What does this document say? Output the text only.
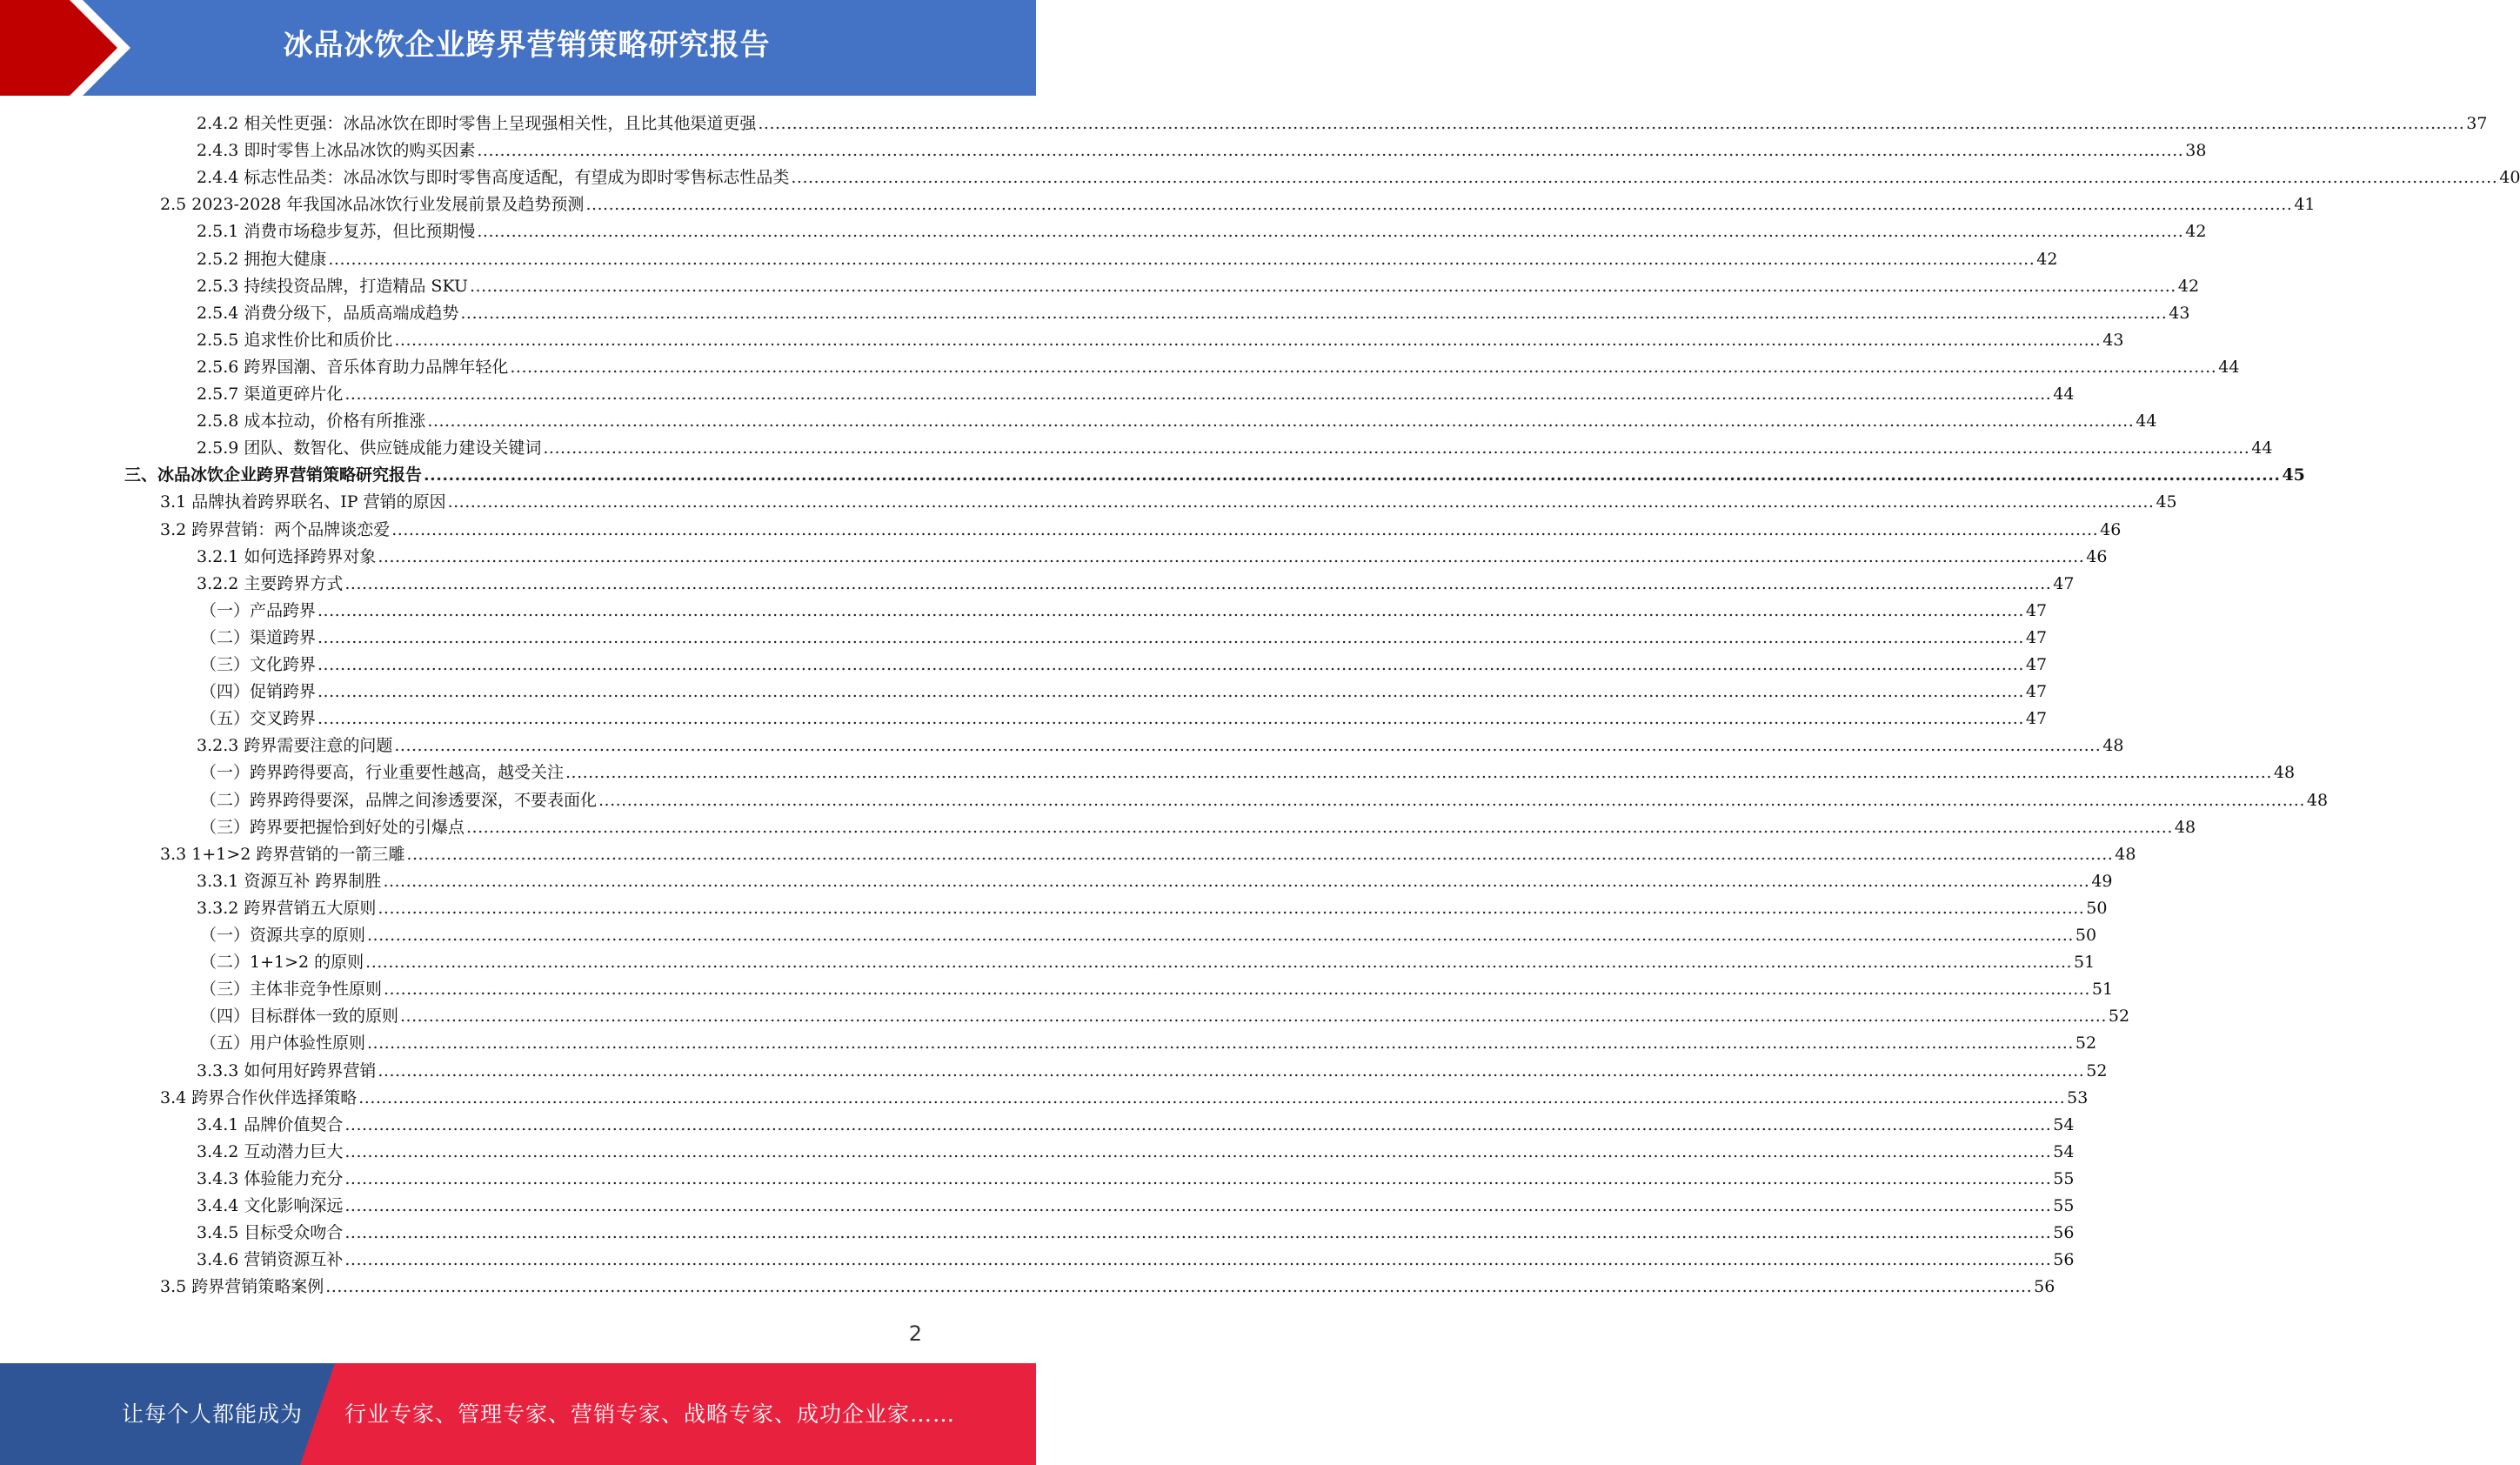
冰品冰饮企业跨界营销策略研究报告
2.4.2 相关性更强：冰品冰饮在即时零售上呈现强相关性，且比其他渠道更强 ............................................................................................................................................................................................................................................................................................................ 37
2.4.3 即时零售上冰品冰饮的购买因素 ............................................................................................................................................................................................................................................................................................................ 38
2.4.4 标志性品类：冰品冰饮与即时零售高度适配，有望成为即时零售标志性品类 ............................................................................................................................................................................................................................................................................................................ 40
2.5 2023-2028 年我国冰品冰饮行业发展前景及趋势预测 ............................................................................................................................................................................................................................................................................................................ 41
2.5.1 消费市场稳步复苏，但比预期慢 ............................................................................................................................................................................................................................................................................................................ 42
2.5.2 拥抱大健康 ............................................................................................................................................................................................................................................................................................................ 42
2.5.3 持续投资品牌，打造精品 SKU ............................................................................................................................................................................................................................................................................................................ 42
2.5.4 消费分级下，品质高端成趋势 ............................................................................................................................................................................................................................................................................................................ 43
2.5.5 追求性价比和质价比 ............................................................................................................................................................................................................................................................................................................ 43
2.5.6 跨界国潮、音乐体育助力品牌年轻化 ............................................................................................................................................................................................................................................................................................................ 44
2.5.7 渠道更碎片化 ............................................................................................................................................................................................................................................................................................................ 44
2.5.8 成本拉动，价格有所推涨 ............................................................................................................................................................................................................................................................................................................ 44
2.5.9 团队、数智化、供应链成能力建设关键词 ............................................................................................................................................................................................................................................................................................................ 44
三、冰品冰饮企业跨界营销策略研究报告 ............................................................................................................................................................................................................................................................................................................ 45
3.1 品牌执着跨界联名、IP 营销的原因 ............................................................................................................................................................................................................................................................................................................ 45
3.2 跨界营销：两个品牌谈恋爱 ............................................................................................................................................................................................................................................................................................................ 46
3.2.1 如何选择跨界对象 ............................................................................................................................................................................................................................................................................................................ 46
3.2.2 主要跨界方式 ............................................................................................................................................................................................................................................................................................................ 47
（一）产品跨界 ............................................................................................................................................................................................................................................................................................................ 47
（二）渠道跨界 ............................................................................................................................................................................................................................................................................................................ 47
（三）文化跨界 ............................................................................................................................................................................................................................................................................................................ 47
（四）促销跨界 ............................................................................................................................................................................................................................................................................................................ 47
（五）交叉跨界 ............................................................................................................................................................................................................................................................................................................ 47
3.2.3 跨界需要注意的问题 ............................................................................................................................................................................................................................................................................................................ 48
（一）跨界跨得要高，行业重要性越高，越受关注 ............................................................................................................................................................................................................................................................................................................ 48
（二）跨界跨得要深，品牌之间渗透要深，不要表面化 ............................................................................................................................................................................................................................................................................................................ 48
（三）跨界要把握恰到好处的引爆点 ............................................................................................................................................................................................................................................................................................................ 48
3.3 1+1>2 跨界营销的一箭三雕 ............................................................................................................................................................................................................................................................................................................ 48
3.3.1 资源互补 跨界制胜 ............................................................................................................................................................................................................................................................................................................ 49
3.3.2 跨界营销五大原则 ............................................................................................................................................................................................................................................................................................................ 50
（一）资源共享的原则 ............................................................................................................................................................................................................................................................................................................ 50
（二）1+1>2 的原则 ............................................................................................................................................................................................................................................................................................................ 51
（三）主体非竞争性原则 ............................................................................................................................................................................................................................................................................................................ 51
（四）目标群体一致的原则 ............................................................................................................................................................................................................................................................................................................ 52
（五）用户体验性原则 ............................................................................................................................................................................................................................................................................................................ 52
3.3.3 如何用好跨界营销 ............................................................................................................................................................................................................................................................................................................ 52
3.4 跨界合作伙伴选择策略 ............................................................................................................................................................................................................................................................................................................ 53
3.4.1 品牌价值契合 ............................................................................................................................................................................................................................................................................................................ 54
3.4.2 互动潜力巨大 ............................................................................................................................................................................................................................................................................................................ 54
3.4.3 体验能力充分 ............................................................................................................................................................................................................................................................................................................ 55
3.4.4 文化影响深远 ............................................................................................................................................................................................................................................................................................................ 55
3.4.5 目标受众吻合 ............................................................................................................................................................................................................................................................................................................ 56
3.4.6 营销资源互补 ............................................................................................................................................................................................................................................................................................................ 56
3.5 跨界营销策略案例 ............................................................................................................................................................................................................................................................................................................ 56
2
让每个人都能成为 行业专家、管理专家、营销专家、战略专家、成功企业家……
